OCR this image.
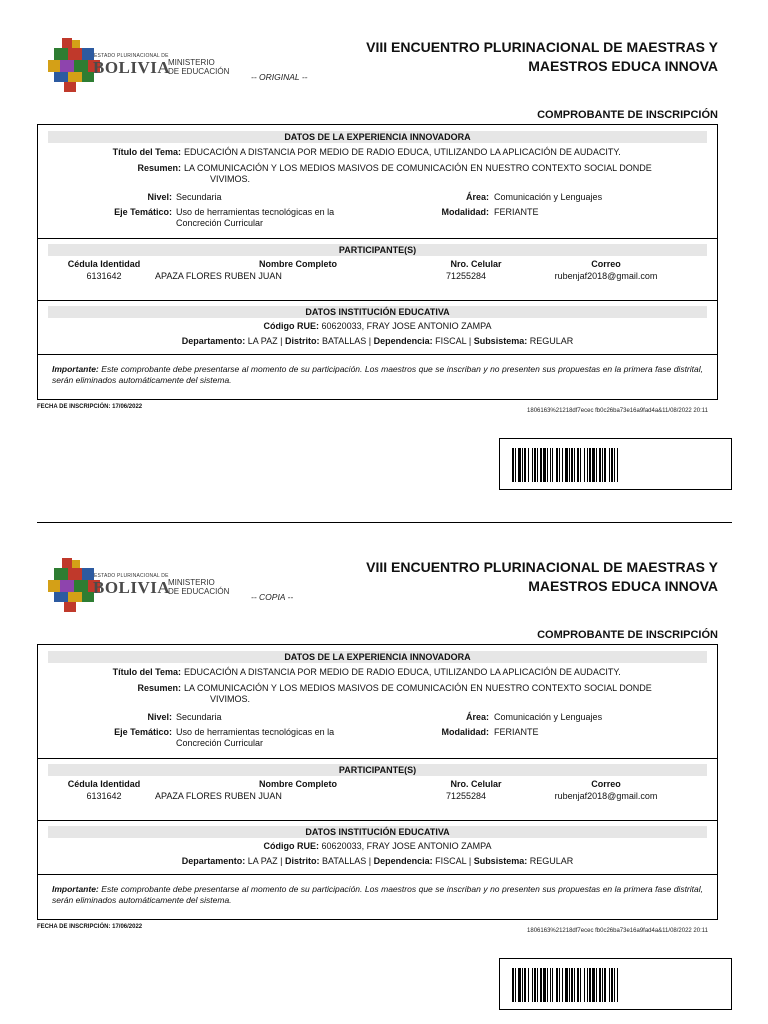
ESTADO PLURINACIONAL DE
BOLIVIA
MINISTERIO
DE EDUCACIÓN
-- ORIGINAL --
VIII ENCUENTRO PLURINACIONAL DE MAESTRAS Y
MAESTROS EDUCA INNOVA
COMPROBANTE DE INSCRIPCIÓN
DATOS DE LA EXPERIENCIA INNOVADORA
Título del Tema: EDUCACIÓN A DISTANCIA POR MEDIO DE RADIO EDUCA, UTILIZANDO LA APLICACIÓN DE AUDACITY.
Resumen: LA COMUNICACIÓN Y LOS MEDIOS MASIVOS DE COMUNICACIÓN EN NUESTRO CONTEXTO SOCIAL DONDE
VIVIMOS.
Nivel: Secundaria	Área: Comunicación y Lenguajes
Eje Temático: Uso de herramientas tecnológicas en la
Concreción Curricular
Modalidad: FERIANTE
PARTICIPANTE(S)
Cédula Identidad	Nombre Completo	Nro. Celular	Correo
6131642	APAZA FLORES RUBEN JUAN	71255284	rubenjaf2018@gmail.com
DATOS INSTITUCIÓN EDUCATIVA
Código RUE: 60620033, FRAY JOSE ANTONIO ZAMPA
Departamento: LA PAZ | Distrito: BATALLAS | Dependencia: FISCAL | Subsistema: REGULAR
Importante: Este comprobante debe presentarse al momento de su participación. Los maestros que se inscriban y no presenten sus propuestas en la primera fase distrital, serán eliminados automáticamente del sistema.
FECHA DE INSCRIPCIÓN: 17/06/2022
1806163%21218df7ecec fb0c26ba73e16a9fad4a&11/08/2022 20:11
ESTADO PLURINACIONAL DE
BOLIVIA
MINISTERIO
DE EDUCACIÓN
-- COPIA --
VIII ENCUENTRO PLURINACIONAL DE MAESTRAS Y
MAESTROS EDUCA INNOVA
COMPROBANTE DE INSCRIPCIÓN
DATOS DE LA EXPERIENCIA INNOVADORA
Título del Tema: EDUCACIÓN A DISTANCIA POR MEDIO DE RADIO EDUCA, UTILIZANDO LA APLICACIÓN DE AUDACITY.
Resumen: LA COMUNICACIÓN Y LOS MEDIOS MASIVOS DE COMUNICACIÓN EN NUESTRO CONTEXTO SOCIAL DONDE
VIVIMOS.
Nivel: Secundaria	Área: Comunicación y Lenguajes
Eje Temático: Uso de herramientas tecnológicas en la
Concreción Curricular
Modalidad: FERIANTE
PARTICIPANTE(S)
Cédula Identidad	Nombre Completo	Nro. Celular	Correo
6131642	APAZA FLORES RUBEN JUAN	71255284	rubenjaf2018@gmail.com
DATOS INSTITUCIÓN EDUCATIVA
Código RUE: 60620033, FRAY JOSE ANTONIO ZAMPA
Departamento: LA PAZ | Distrito: BATALLAS | Dependencia: FISCAL | Subsistema: REGULAR
Importante: Este comprobante debe presentarse al momento de su participación. Los maestros que se inscriban y no presenten sus propuestas en la primera fase distrital, serán eliminados automáticamente del sistema.
FECHA DE INSCRIPCIÓN: 17/06/2022
1806163%21218df7ecec fb0c26ba73e16a9fad4a&11/08/2022 20:11
